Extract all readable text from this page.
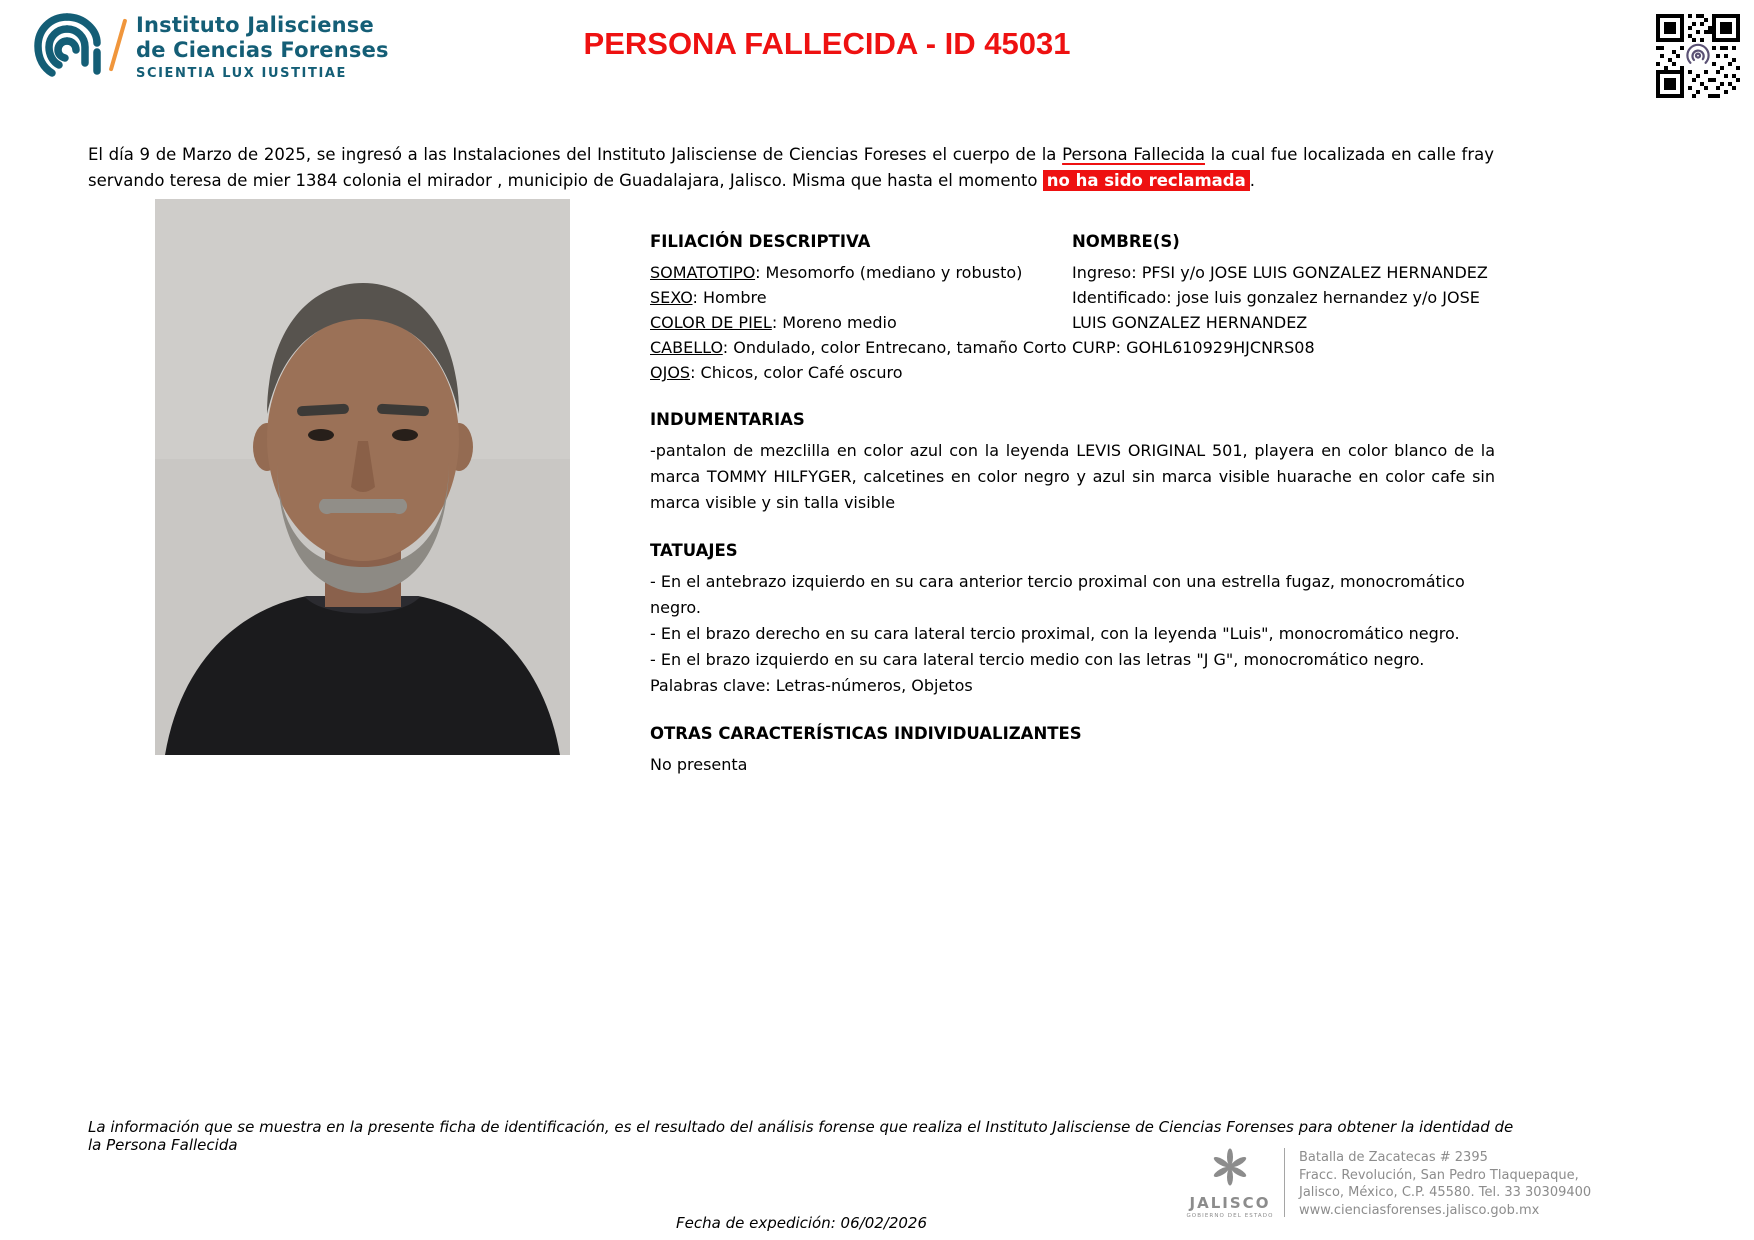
Instituto Jalisciense
de Ciencias Forenses
SCIENTIA LUX IUSTITIAE
PERSONA FALLECIDA - ID 45031

El día 9 de Marzo de 2025, se ingresó a las Instalaciones del Instituto Jalisciense de Ciencias Foreses el cuerpo de la Persona Fallecida la cual fue localizada en calle fray servando teresa de mier 1384 colonia el mirador , municipio de Guadalajara, Jalisco. Misma que hasta el momento no ha sido reclamada .

FILIACIÓN DESCRIPTIVA
SOMATOTIPO: Mesomorfo (mediano y robusto)
SEXO: Hombre
COLOR DE PIEL: Moreno medio
CABELLO: Ondulado, color Entrecano, tamaño Corto
OJOS: Chicos, color Café oscuro
NOMBRE(S)
Ingreso: PFSI y/o JOSE LUIS GONZALEZ HERNANDEZ
Identificado: jose luis gonzalez hernandez y/o JOSE LUIS GONZALEZ HERNANDEZ
CURP: GOHL610929HJCNRS08
INDUMENTARIAS

-pantalon de mezclilla en color azul con la leyenda LEVIS ORIGINAL 501, playera en color blanco de la marca TOMMY HILFYGER, calcetines en color negro y azul sin marca visible huarache en color cafe sin marca visible y sin talla visible

TATUAJES
- En el antebrazo izquierdo en su cara anterior tercio proximal con una estrella fugaz, monocromático negro.
- En el brazo derecho en su cara lateral tercio proximal, con la leyenda "Luis", monocromático negro.
- En el brazo izquierdo en su cara lateral tercio medio con las letras "J G", monocromático negro.
Palabras clave: Letras-números, Objetos
OTRAS CARACTERÍSTICAS INDIVIDUALIZANTES

No presenta

La información que se muestra en la presente ficha de identificación, es el resultado del análisis forense que realiza el Instituto Jalisciense de Ciencias Forenses para obtener la identidad de la Persona Fallecida

JALISCO
GOBIERNO DEL ESTADO
Batalla de Zacatecas # 2395
Fracc. Revolución, San Pedro Tlaquepaque,
Jalisco, México, C.P. 45580. Tel. 33 30309400
www.cienciasforenses.jalisco.gob.mx

Fecha de expedición: 06/02/2026
